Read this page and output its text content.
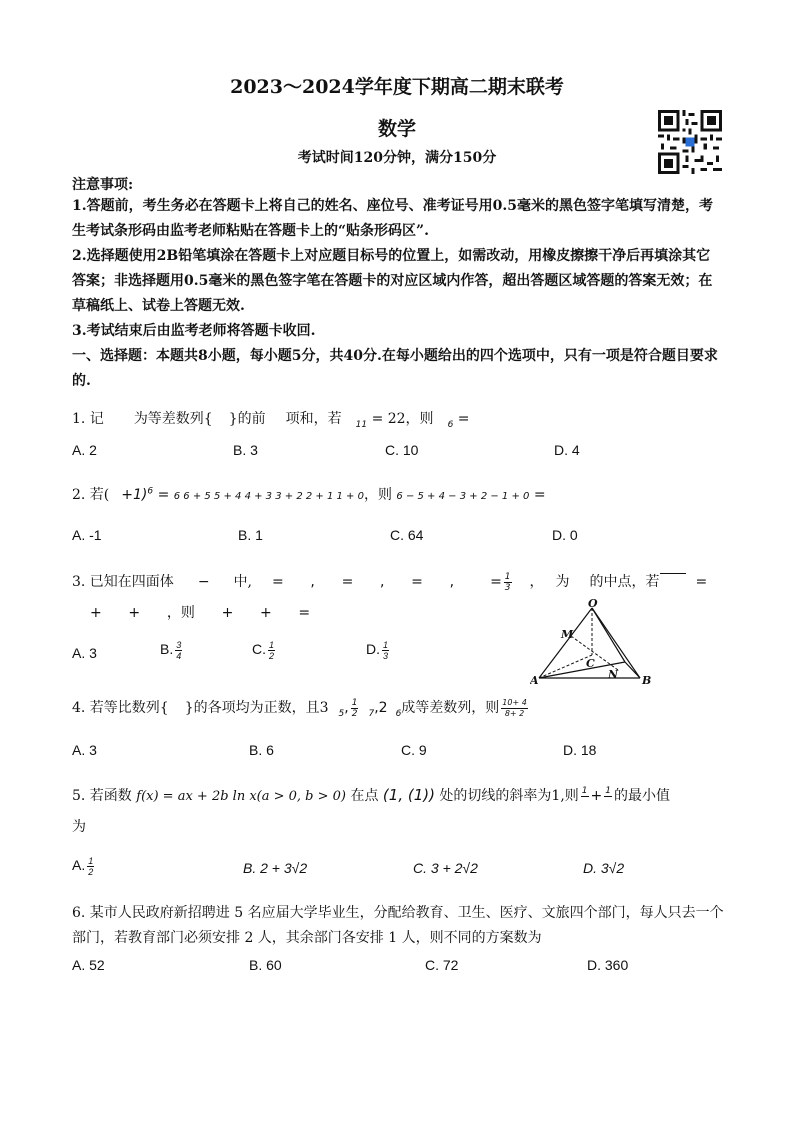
2023～2024学年度下期高二期末联考
数学
考试时间120分钟，满分150分
注意事项:
1.答题前，考生务必在答题卡上将自己的姓名、座位号、准考证号用0.5毫米的黑色签字笔填写清楚，考生考试条形码由监考老师粘贴在答题卡上的“贴条形码区”.
2.选择题使用2B铅笔填涂在答题卡上对应题目标号的位置上，如需改动，用橡皮擦擦干净后再填涂其它答案；非选择题用0.5毫米的黑色签字笔在答题卡的对应区域内作答，超出答题区域答题的答案无效；在草稿纸上、试卷上答题无效.
3.考试结束后由监考老师将答题卡收回.
一、选择题：本题共8小题，每小题5分，共40分.在每小题给出的四个选项中，只有一项是符合题目要求的.
1. 记 为等差数列{ }的前 项和，若 $_{11}$ = 22，则 $_6$ =
A. 2	B. 3	C. 10	D. 4
2. 若( +1)$^6$ = 6 6 + 5 5 + 4 4 + 3 3 + 2 2 + 1 1 + 0，则 6 − 5 + 4 − 3 + 2 − 1 + 0 =
A. -1	B. 1	C. 64	D. 0
3. 已知在四面体 − 中, =      ,      =      ,      =      ,	= $\frac{1}{3}$ ， 为 的中点，若	=
+      +      ，则      +      +      =
A. 3	B. $\frac{3}{4}$	C. $\frac{1}{2}$	D. $\frac{1}{3}$
O
M
C
N
A	B
4. 若等比数列{ }的各项均为正数，且3 $_5$, $\frac{1}{2} _7,2$ $_6$成等差数列，则 $\frac{10+ 4}{8+ 2}$
A. 3	B. 6	C. 9	D. 18
5. 若函数 f(x) = ax + 2b ln x(a > 0, b > 0) 在点 (1, (1)) 处的切线的斜率为1,则 1
+ 1
的最小值
为
A. $\frac{1}{2}$	B. 2 + 3√2	C. 3 + 2√2	D. 3√2
6. 某市人民政府新招聘进 5 名应届大学毕业生，分配给教育、卫生、医疗、文旅四个部门，每人只去一个部门，若教育部门必须安排 2 人，其余部门各安排 1 人，则不同的方案数为
A. 52	B. 60	C. 72	D. 360
